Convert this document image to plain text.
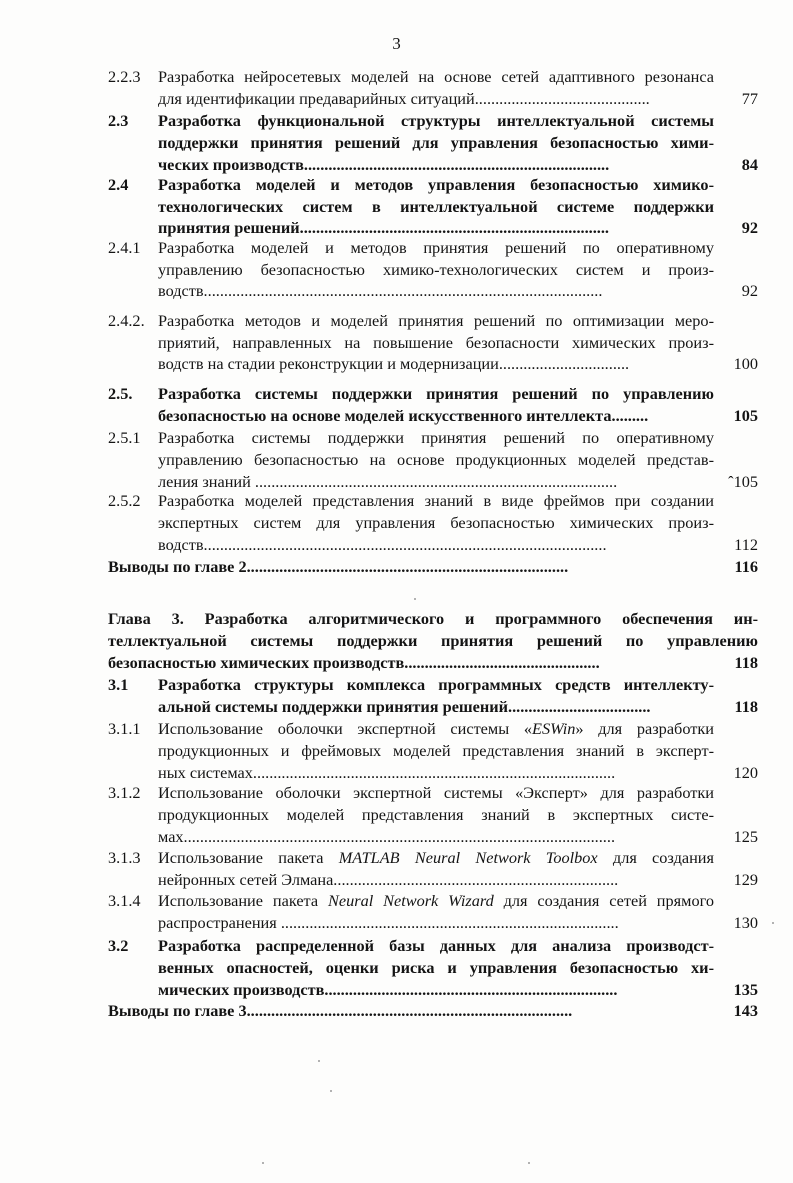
3
2.2.3 Разработка нейросетевых моделей на основе сетей адаптивного резонанса
для идентификации предаварийных ситуаций...........................................	77
2.3 Разработка функциональной структуры интеллектуальной системы
поддержки принятия решений для управления безопасностью хими-
ческих производств...........................................................................	84
2.4 Разработка моделей и методов управления безопасностью химико-
технологических систем в интеллектуальной системе поддержки
принятия решений............................................................................	92
2.4.1 Разработка моделей и методов принятия решений по оперативному
управлению безопасностью химико-технологических систем и произ-
водств..................................................................................................	92
2.4.2. Разработка методов и моделей принятия решений по оптимизации меро-
приятий, направленных на повышение безопасности химических произ-
водств на стадии реконструкции и модернизации................................	100
2.5. Разработка системы поддержки принятия решений по управлению
безопасностью на основе моделей искусственного интеллекта.........	105
2.5.1 Разработка системы поддержки принятия решений по оперативному
управлению безопасностью на основе продукционных моделей представ-
ления знаний .........................................................................................	ˆ105
2.5.2 Разработка моделей представления знаний в виде фреймов при создании
экспертных систем для управления безопасностью химических произ-
водств...................................................................................................	112
Выводы по главе 2...............................................................................	116
Глава 3. Разработка алгоритмического и программного обеспечения ин-
теллектуальной системы поддержки принятия решений по управлению
безопасностью химических производств................................................	118
3.1 Разработка структуры комплекса программных средств интеллекту-
альной системы поддержки принятия решений...................................	118
3.1.1 Использование оболочки экспертной системы «ESWin» для разработки
продукционных и фреймовых моделей представления знаний в эксперт-
ных системах.........................................................................................	120
3.1.2 Использование оболочки экспертной системы «Эксперт» для разработки
продукционных моделей представления знаний в экспертных систе-
мах..........................................................................................................	125
3.1.3 Использование пакета MATLAB Neural Network Toolbox для создания
нейронных сетей Элмана......................................................................	129
3.1.4 Использование пакета Neural Network Wizard для создания сетей прямого
распространения ...................................................................................	130
3.2 Разработка распределенной базы данных для анализа производст-
венных опасностей, оценки риска и управления безопасностью хи-
мических производств........................................................................	135
Выводы по главе 3................................................................................	143
